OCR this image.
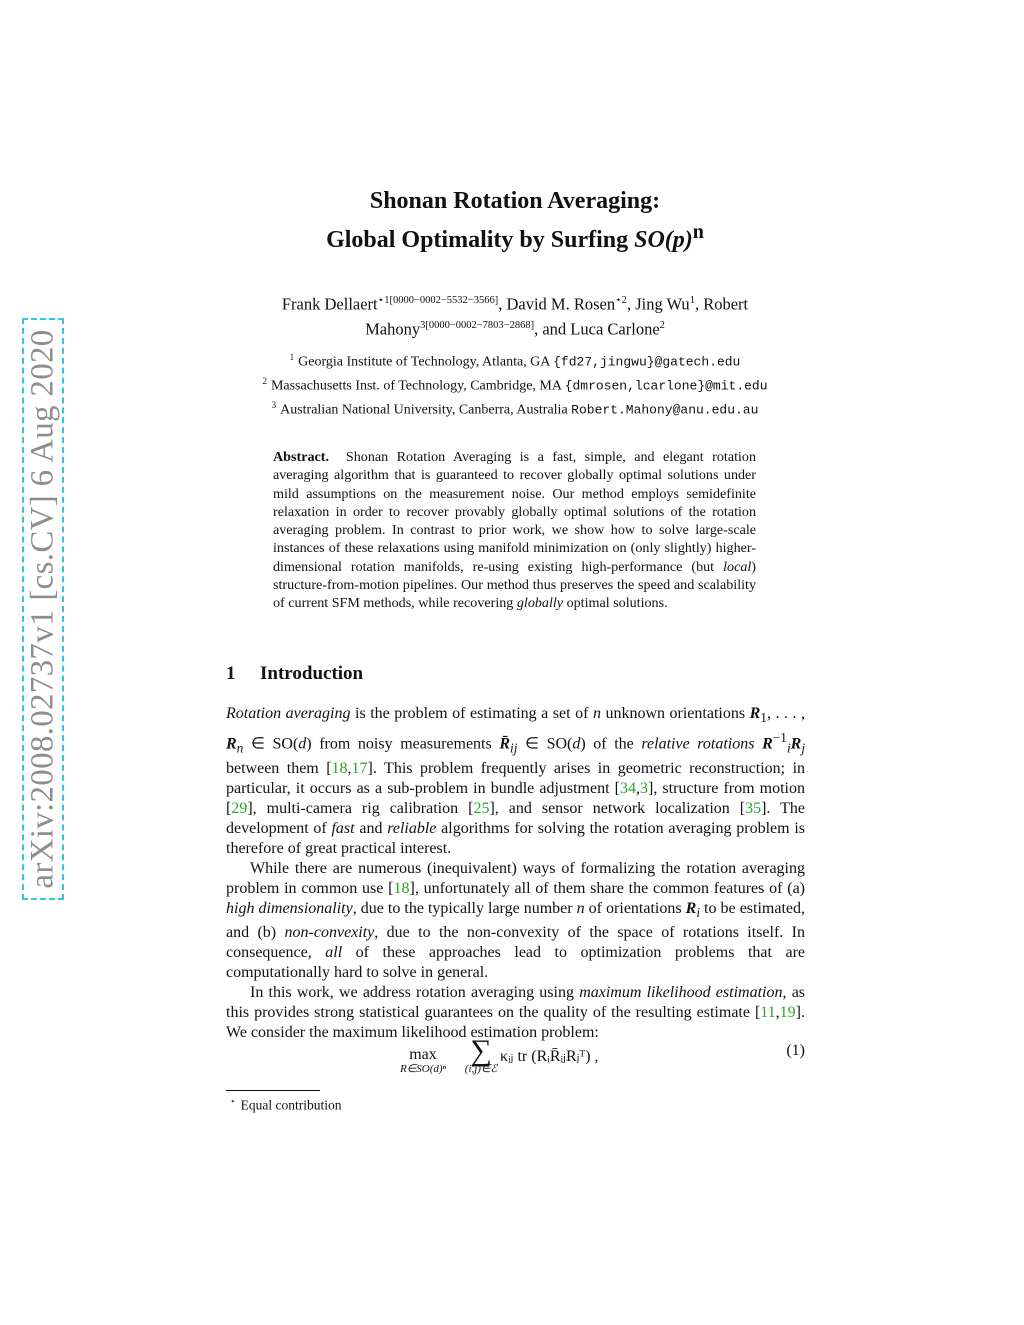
arXiv:2008.02737v1 [cs.CV] 6 Aug 2020
Shonan Rotation Averaging:
Global Optimality by Surfing $SO(p)^n$
Frank Dellaert$^{⋆1[0000-0002-5532-3566]}$, David M. Rosen$^{⋆2}$, Jing Wu$^1$, Robert Mahony$^{3[0000-0002-7803-2868]}$, and Luca Carlone$^2$
$^1$ Georgia Institute of Technology, Atlanta, GA {fd27,jingwu}@gatech.edu
$^2$ Massachusetts Inst. of Technology, Cambridge, MA {dmrosen,lcarlone}@mit.edu
$^3$ Australian National University, Canberra, Australia Robert.Mahony@anu.edu.au
Abstract. Shonan Rotation Averaging is a fast, simple, and elegant rotation averaging algorithm that is guaranteed to recover globally optimal solutions under mild assumptions on the measurement noise. Our method employs semidefinite relaxation in order to recover provably globally optimal solutions of the rotation averaging problem. In contrast to prior work, we show how to solve large-scale instances of these relaxations using manifold minimization on (only slightly) higher-dimensional rotation manifolds, re-using existing high-performance (but local) structure-from-motion pipelines. Our method thus preserves the speed and scalability of current SFM methods, while recovering globally optimal solutions.
1 Introduction

Rotation averaging is the problem of estimating a set of n unknown orientations $R_1$, . . . , $R_n$ ∈ SO(d) from noisy measurements $R̄_{ij}$ ∈ SO(d) of the relative rotations $R^{-1}_iR_j$ between them [18,17]. This problem frequently arises in geometric reconstruction; in particular, it occurs as a sub-problem in bundle adjustment [34,3], structure from motion [29], multi-camera rig calibration [25], and sensor network localization [35]. The development of fast and reliable algorithms for solving the rotation averaging problem is therefore of great practical interest.

While there are numerous (inequivalent) ways of formalizing the rotation averaging problem in common use [18], unfortunately all of them share the common features of (a) high dimensionality, due to the typically large number n of orientations $R_i$ to be estimated, and (b) non-convexity, due to the non-convexity of the space of rotations itself. In consequence, all of these approaches lead to optimization problems that are computationally hard to solve in general.

In this work, we address rotation averaging using maximum likelihood estimation, as this provides strong statistical guarantees on the quality of the resulting estimate [11,19]. We consider the maximum likelihood estimation problem:

max
R∈SO(d)ⁿ
∑
(i,j)∈ℰ
κᵢⱼ tr (RᵢR̄ᵢⱼRⱼᵀ) ,	(1)
⋆ Equal contribution
